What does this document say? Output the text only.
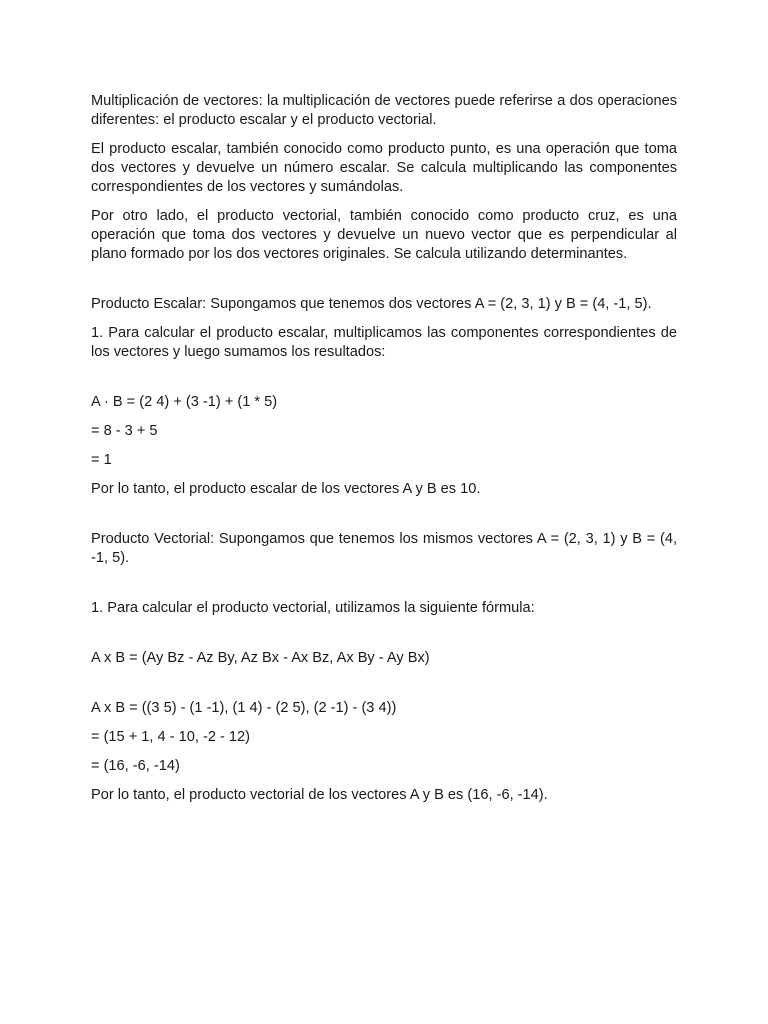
Multiplicación de vectores: la multiplicación de vectores puede referirse a dos operaciones diferentes: el producto escalar y el producto vectorial.

El producto escalar, también conocido como producto punto, es una operación que toma dos vectores y devuelve un número escalar. Se calcula multiplicando las componentes correspondientes de los vectores y sumándolas.

Por otro lado, el producto vectorial, también conocido como producto cruz, es una operación que toma dos vectores y devuelve un nuevo vector que es perpendicular al plano formado por los dos vectores originales. Se calcula utilizando determinantes.

Producto Escalar: Supongamos que tenemos dos vectores A = (2, 3, 1) y B = (4, -1, 5).

1. Para calcular el producto escalar, multiplicamos las componentes correspondientes de los vectores y luego sumamos los resultados:

A · B = (2 4) + (3 -1) + (1 * 5)

= 8 - 3 + 5

= 1

Por lo tanto, el producto escalar de los vectores A y B es 10.

Producto Vectorial: Supongamos que tenemos los mismos vectores A = (2, 3, 1) y B = (4, -1, 5).

1. Para calcular el producto vectorial, utilizamos la siguiente fórmula:

A x B = (Ay Bz - Az By, Az Bx - Ax Bz, Ax By - Ay Bx)

A x B = ((3 5) - (1 -1), (1 4) - (2 5), (2 -1) - (3 4))

= (15 + 1, 4 - 10, -2 - 12)

= (16, -6, -14)

Por lo tanto, el producto vectorial de los vectores A y B es (16, -6, -14).
